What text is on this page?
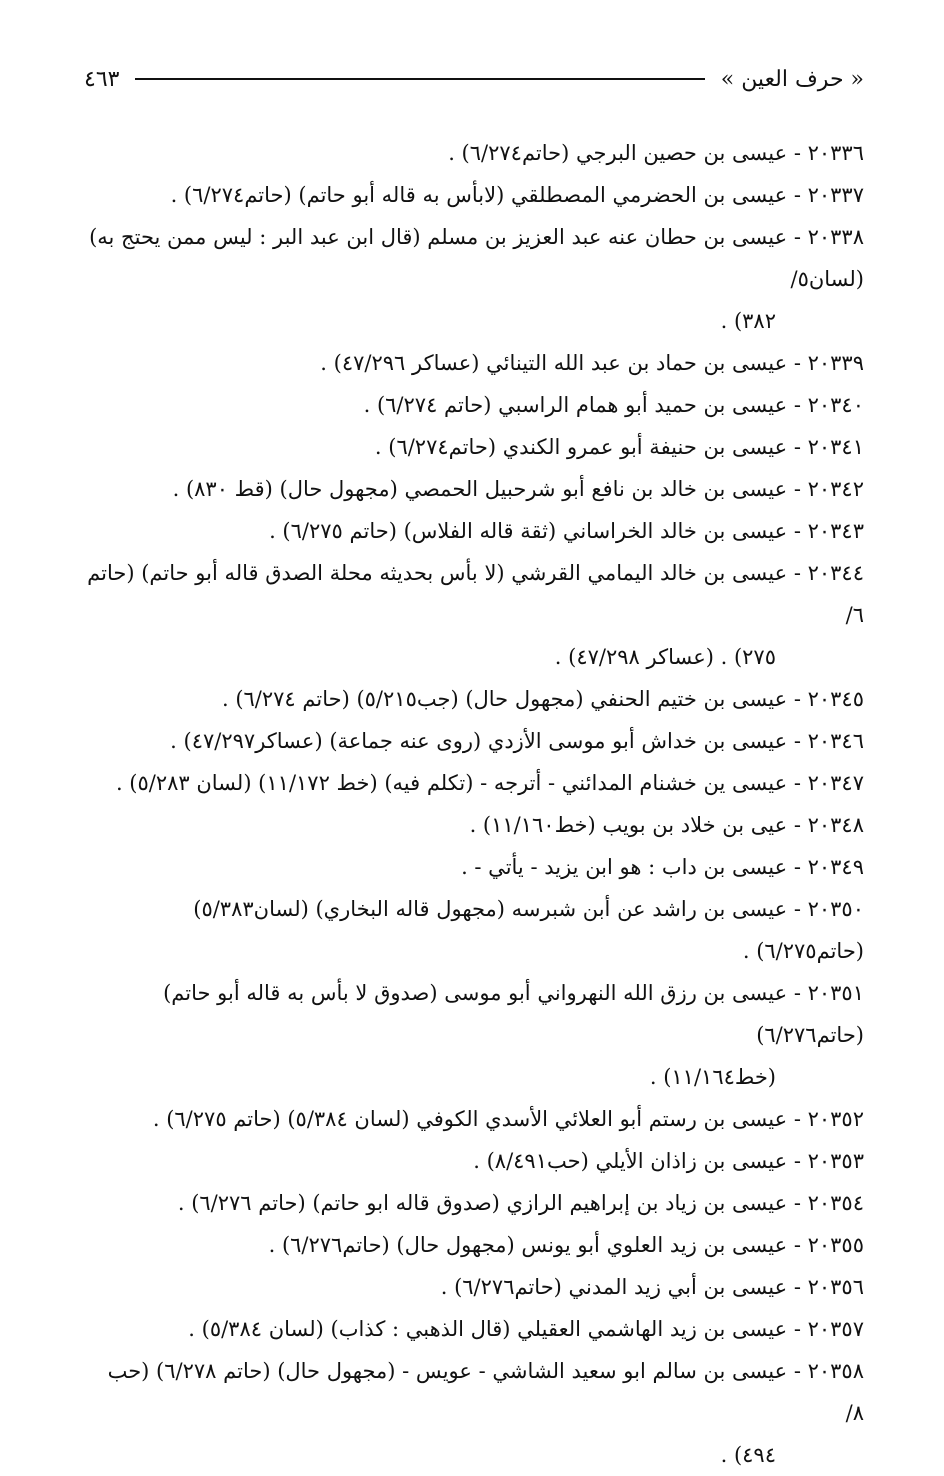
« حرف العين »
٤٦٣
٢٠٣٣٦ - عيسى بن حصين البرجي (حاتم٦/٢٧٤) .
٢٠٣٣٧ - عيسى بن الحضرمي المصطلقي (لابأس به قاله أبو حاتم) (حاتم٦/٢٧٤) .
٢٠٣٣٨ - عيسى بن حطان عنه عبد العزيز بن مسلم (قال ابن عبد البر : ليس ممن يحتج به) (لسان٥/
٣٨٢) .
٢٠٣٣٩ - عيسى بن حماد بن عبد الله التينائي (عساكر ٤٧/٢٩٦) .
٢٠٣٤٠ - عيسى بن حميد أبو همام الراسبي (حاتم ٦/٢٧٤) .
٢٠٣٤١ - عيسى بن حنيفة أبو عمرو الكندي (حاتم٦/٢٧٤) .
٢٠٣٤٢ - عيسى بن خالد بن نافع أبو شرحبيل الحمصي (مجهول حال) (قط ٨٣٠) .
٢٠٣٤٣ - عيسى بن خالد الخراساني (ثقة قاله الفلاس) (حاتم ٦/٢٧٥) .
٢٠٣٤٤ - عيسى بن خالد اليمامي القرشي (لا بأس بحديثه محلة الصدق قاله أبو حاتم) (حاتم ٦/
٢٧٥) . (عساكر ٤٧/٢٩٨) .
٢٠٣٤٥ - عيسى بن ختيم الحنفي (مجهول حال) (جب٥/٢١٥) (حاتم ٦/٢٧٤) .
٢٠٣٤٦ - عيسى بن خداش أبو موسى الأزدي (روى عنه جماعة) (عساكر٤٧/٢٩٧) .
٢٠٣٤٧ - عيسى ين خشنام المدائني - أترجه - (تكلم فيه) (خط ١١/١٧٢) (لسان ٥/٢٨٣) .
٢٠٣٤٨ - عيى بن خلاد بن بويب (خط١١/١٦٠) .
٢٠٣٤٩ - عيسى بن داب : هو ابن يزيد - يأتي - .
٢٠٣٥٠ - عيسى بن راشد عن أبن شبرسه (مجهول قاله البخاري) (لسان٥/٣٨٣) (حاتم٦/٢٧٥) .
٢٠٣٥١ - عيسى بن رزق الله النهرواني أبو موسى (صدوق لا بأس به قاله أبو حاتم) (حاتم٦/٢٧٦)
(خط١١/١٦٤) .
٢٠٣٥٢ - عيسى بن رستم أبو العلائي الأسدي الكوفي (لسان ٥/٣٨٤) (حاتم ٦/٢٧٥) .
٢٠٣٥٣ - عيسى بن زاذان الأيلي (حب٨/٤٩١) .
٢٠٣٥٤ - عيسى بن زياد بن إبراهيم الرازي (صدوق قاله ابو حاتم) (حاتم ٦/٢٧٦) .
٢٠٣٥٥ - عيسى بن زيد العلوي أبو يونس (مجهول حال) (حاتم٦/٢٧٦) .
٢٠٣٥٦ - عيسى بن أبي زيد المدني (حاتم٦/٢٧٦) .
٢٠٣٥٧ - عيسى بن زيد الهاشمي العقيلي (قال الذهبي : كذاب) (لسان ٥/٣٨٤) .
٢٠٣٥٨ - عيسى بن سالم ابو سعيد الشاشي - عويس - (مجهول حال) (حاتم ٦/٢٧٨) (حب ٨/
٤٩٤) .
